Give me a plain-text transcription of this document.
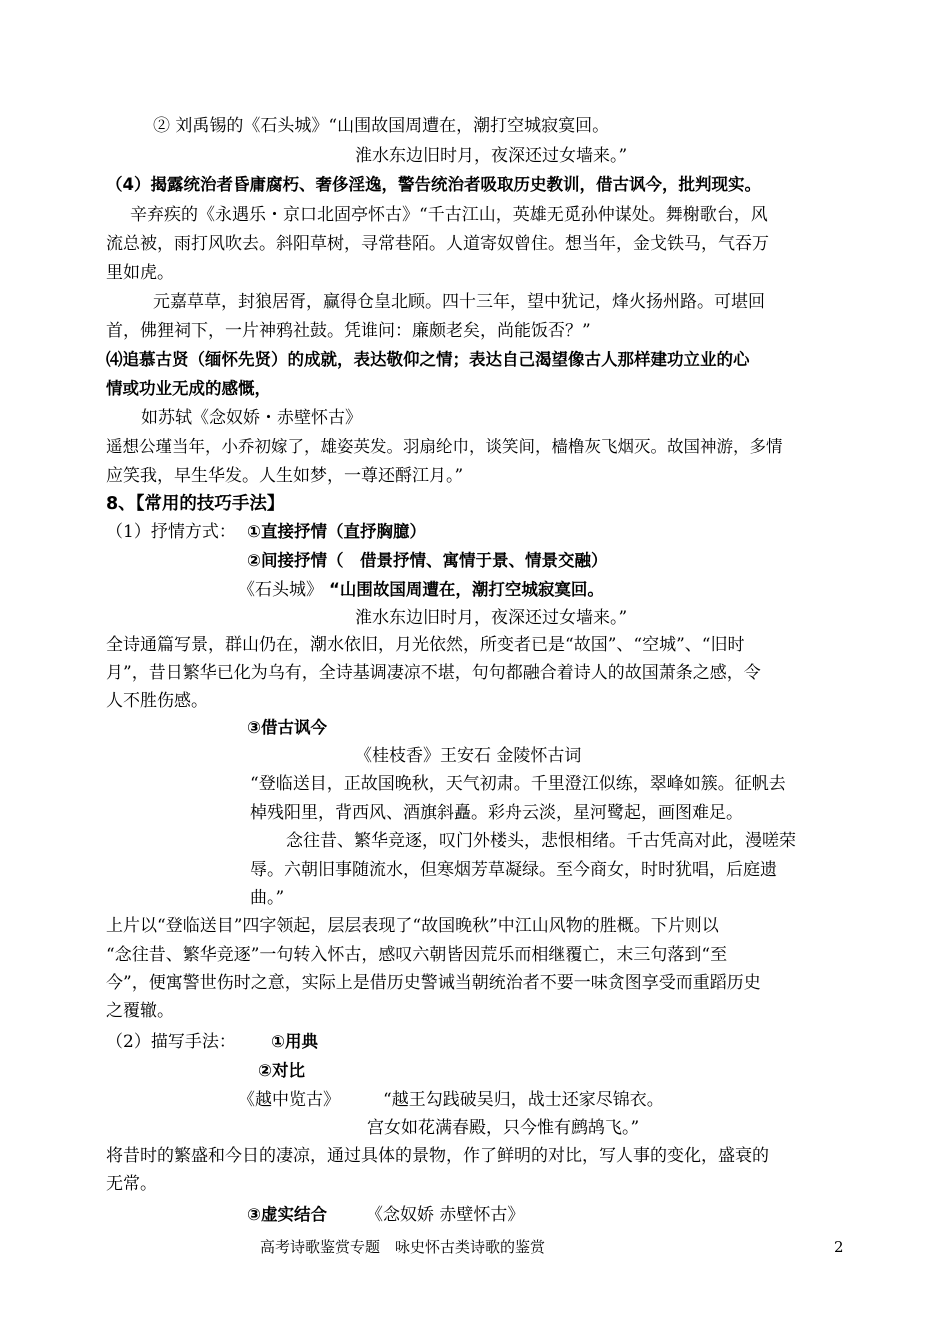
② 刘禹锡的《石头城》“山围故国周遭在，潮打空城寂寞回。
淮水东边旧时月，夜深还过女墙来。”
（4）揭露统治者昏庸腐朽、奢侈淫逸，警告统治者吸取历史教训，借古讽今，批判现实。
辛弃疾的《永遇乐・京口北固亭怀古》“千古江山，英雄无觅孙仲谋处。舞榭歌台，风
流总被，雨打风吹去。斜阳草树，寻常巷陌。人道寄奴曾住。想当年，金戈铁马，气吞万
里如虎。
元嘉草草，封狼居胥，赢得仓皇北顾。四十三年，望中犹记，烽火扬州路。可堪回
首，佛狸祠下，一片神鸦社鼓。凭谁问：廉颇老矣，尚能饭否？”
⑷追慕古贤（缅怀先贤）的成就，表达敬仰之情；表达自己渴望像古人那样建功立业的心
情或功业无成的感慨，
如苏轼《念奴娇・赤壁怀古》
遥想公瑾当年，小乔初嫁了，雄姿英发。羽扇纶巾，谈笑间，樯橹灰飞烟灭。故国神游，多情
应笑我，早生华发。人生如梦，一尊还酹江月。”
8、【常用的技巧手法】
（1）抒情方式： ①直接抒情（直抒胸臆）
②间接抒情（　借景抒情、寓情于景、情景交融）
《石头城》 “山围故国周遭在，潮打空城寂寞回。
淮水东边旧时月，夜深还过女墙来。”
全诗通篇写景，群山仍在，潮水依旧，月光依然，所变者已是“故国”、“空城”、“旧时
月”，昔日繁华已化为乌有，全诗基调凄凉不堪，句句都融合着诗人的故国萧条之感，令
人不胜伤感。
③借古讽今
《桂枝香》王安石 金陵怀古词
“登临送目，正故国晚秋，天气初肃。千里澄江似练，翠峰如簇。征帆去
棹残阳里，背西风、酒旗斜矗。彩舟云淡，星河鹭起，画图难足。
念往昔、繁华竞逐，叹门外楼头，悲恨相绪。千古凭高对此，漫嗟荣
辱。六朝旧事随流水，但寒烟芳草凝绿。至今商女，时时犹唱，后庭遗
曲。”
上片以“登临送目”四字领起，层层表现了“故国晚秋”中江山风物的胜概。下片则以
“念往昔、繁华竞逐”一句转入怀古，感叹六朝皆因荒乐而相继覆亡，末三句落到“至
今”，便寓警世伤时之意，实际上是借历史警诫当朝统治者不要一味贪图享受而重蹈历史
之覆辙。
（2）描写手法： ①用典
②对比
《越中览古》	“越王勾践破吴归，战士还家尽锦衣。
宫女如花满春殿，只今惟有鹧鸪飞。”
将昔时的繁盛和今日的凄凉，通过具体的景物，作了鲜明的对比，写人事的变化，盛衰的
无常。
③虚实结合 《念奴娇 赤壁怀古》
高考诗歌鉴赏专题　咏史怀古类诗歌的鉴赏	2
